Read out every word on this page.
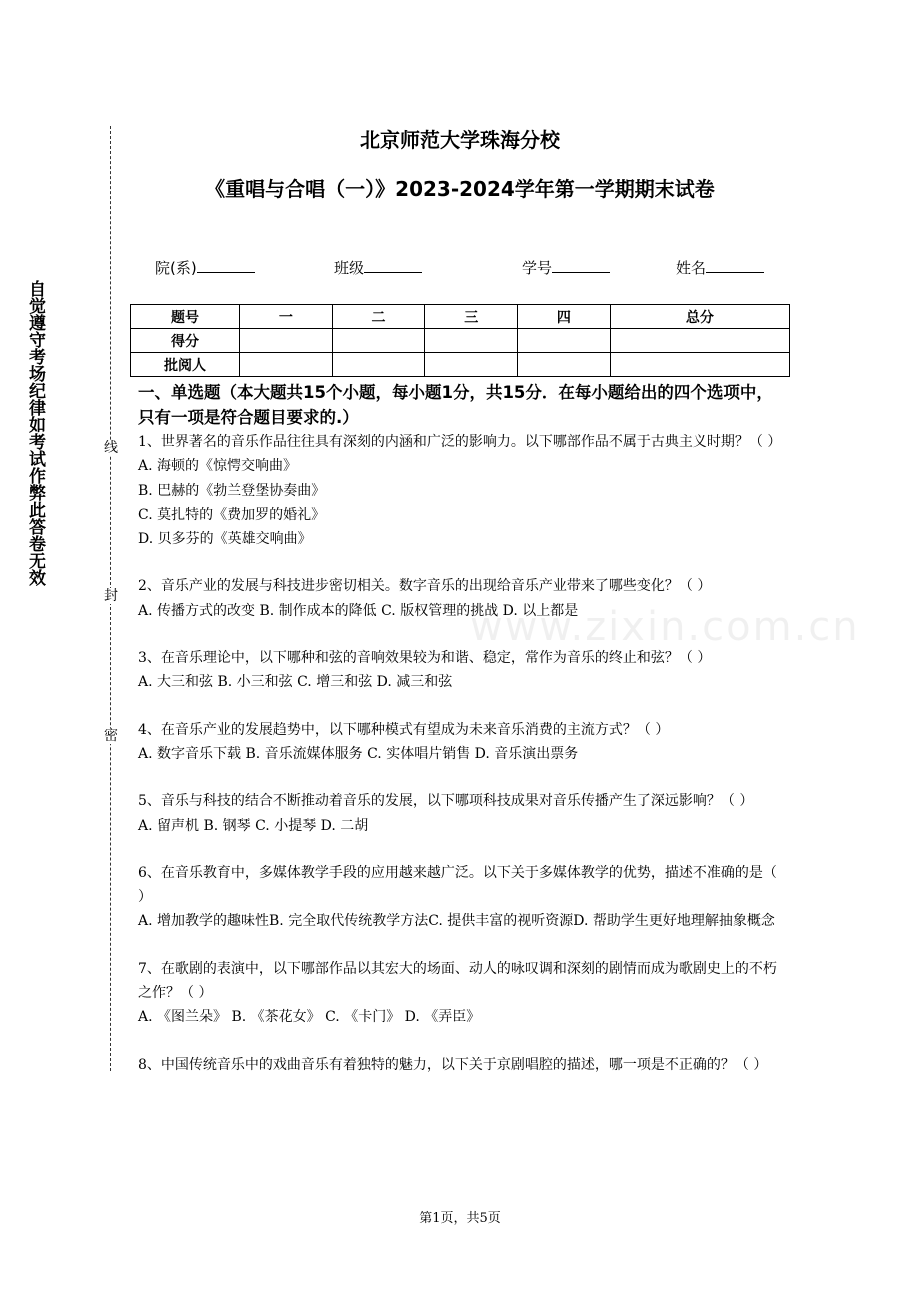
自觉遵守考场纪律如考试作弊此答卷无效	线
封
密
北京师范大学珠海分校
《重唱与合唱（一）》2023-2024学年第一学期期末试卷
院(系)	班级	学号	姓名
题号	一	二	三	四	总分
得分					
批阅人					
一、单选题（本大题共15个小题，每小题1分，共15分．在每小题给出的四个选项中，只有一项是符合题目要求的.）
1、世界著名的音乐作品往往具有深刻的内涵和广泛的影响力。以下哪部作品不属于古典主义时期？（ ）
A. 海顿的《惊愕交响曲》
B. 巴赫的《勃兰登堡协奏曲》
C. 莫扎特的《费加罗的婚礼》
D. 贝多芬的《英雄交响曲》
2、音乐产业的发展与科技进步密切相关。数字音乐的出现给音乐产业带来了哪些变化？（ ）
A. 传播方式的改变 B. 制作成本的降低 C. 版权管理的挑战 D. 以上都是
3、在音乐理论中，以下哪种和弦的音响效果较为和谐、稳定，常作为音乐的终止和弦？（ ）
A. 大三和弦 B. 小三和弦 C. 增三和弦 D. 减三和弦
4、在音乐产业的发展趋势中，以下哪种模式有望成为未来音乐消费的主流方式？（ ）
A. 数字音乐下载 B. 音乐流媒体服务 C. 实体唱片销售 D. 音乐演出票务
5、音乐与科技的结合不断推动着音乐的发展，以下哪项科技成果对音乐传播产生了深远影响？（ ）
A. 留声机 B. 钢琴 C. 小提琴 D. 二胡
6、在音乐教育中，多媒体教学手段的应用越来越广泛。以下关于多媒体教学的优势，描述不准确的是（ ）
A. 增加教学的趣味性B. 完全取代传统教学方法C. 提供丰富的视听资源D. 帮助学生更好地理解抽象概念
7、在歌剧的表演中，以下哪部作品以其宏大的场面、动人的咏叹调和深刻的剧情而成为歌剧史上的不朽之作？（ ）
A. 《图兰朵》 B. 《茶花女》 C. 《卡门》 D. 《弄臣》
8、中国传统音乐中的戏曲音乐有着独特的魅力，以下关于京剧唱腔的描述，哪一项是不正确的？（ ）
www.zixin.com.cn
第1页，共5页
